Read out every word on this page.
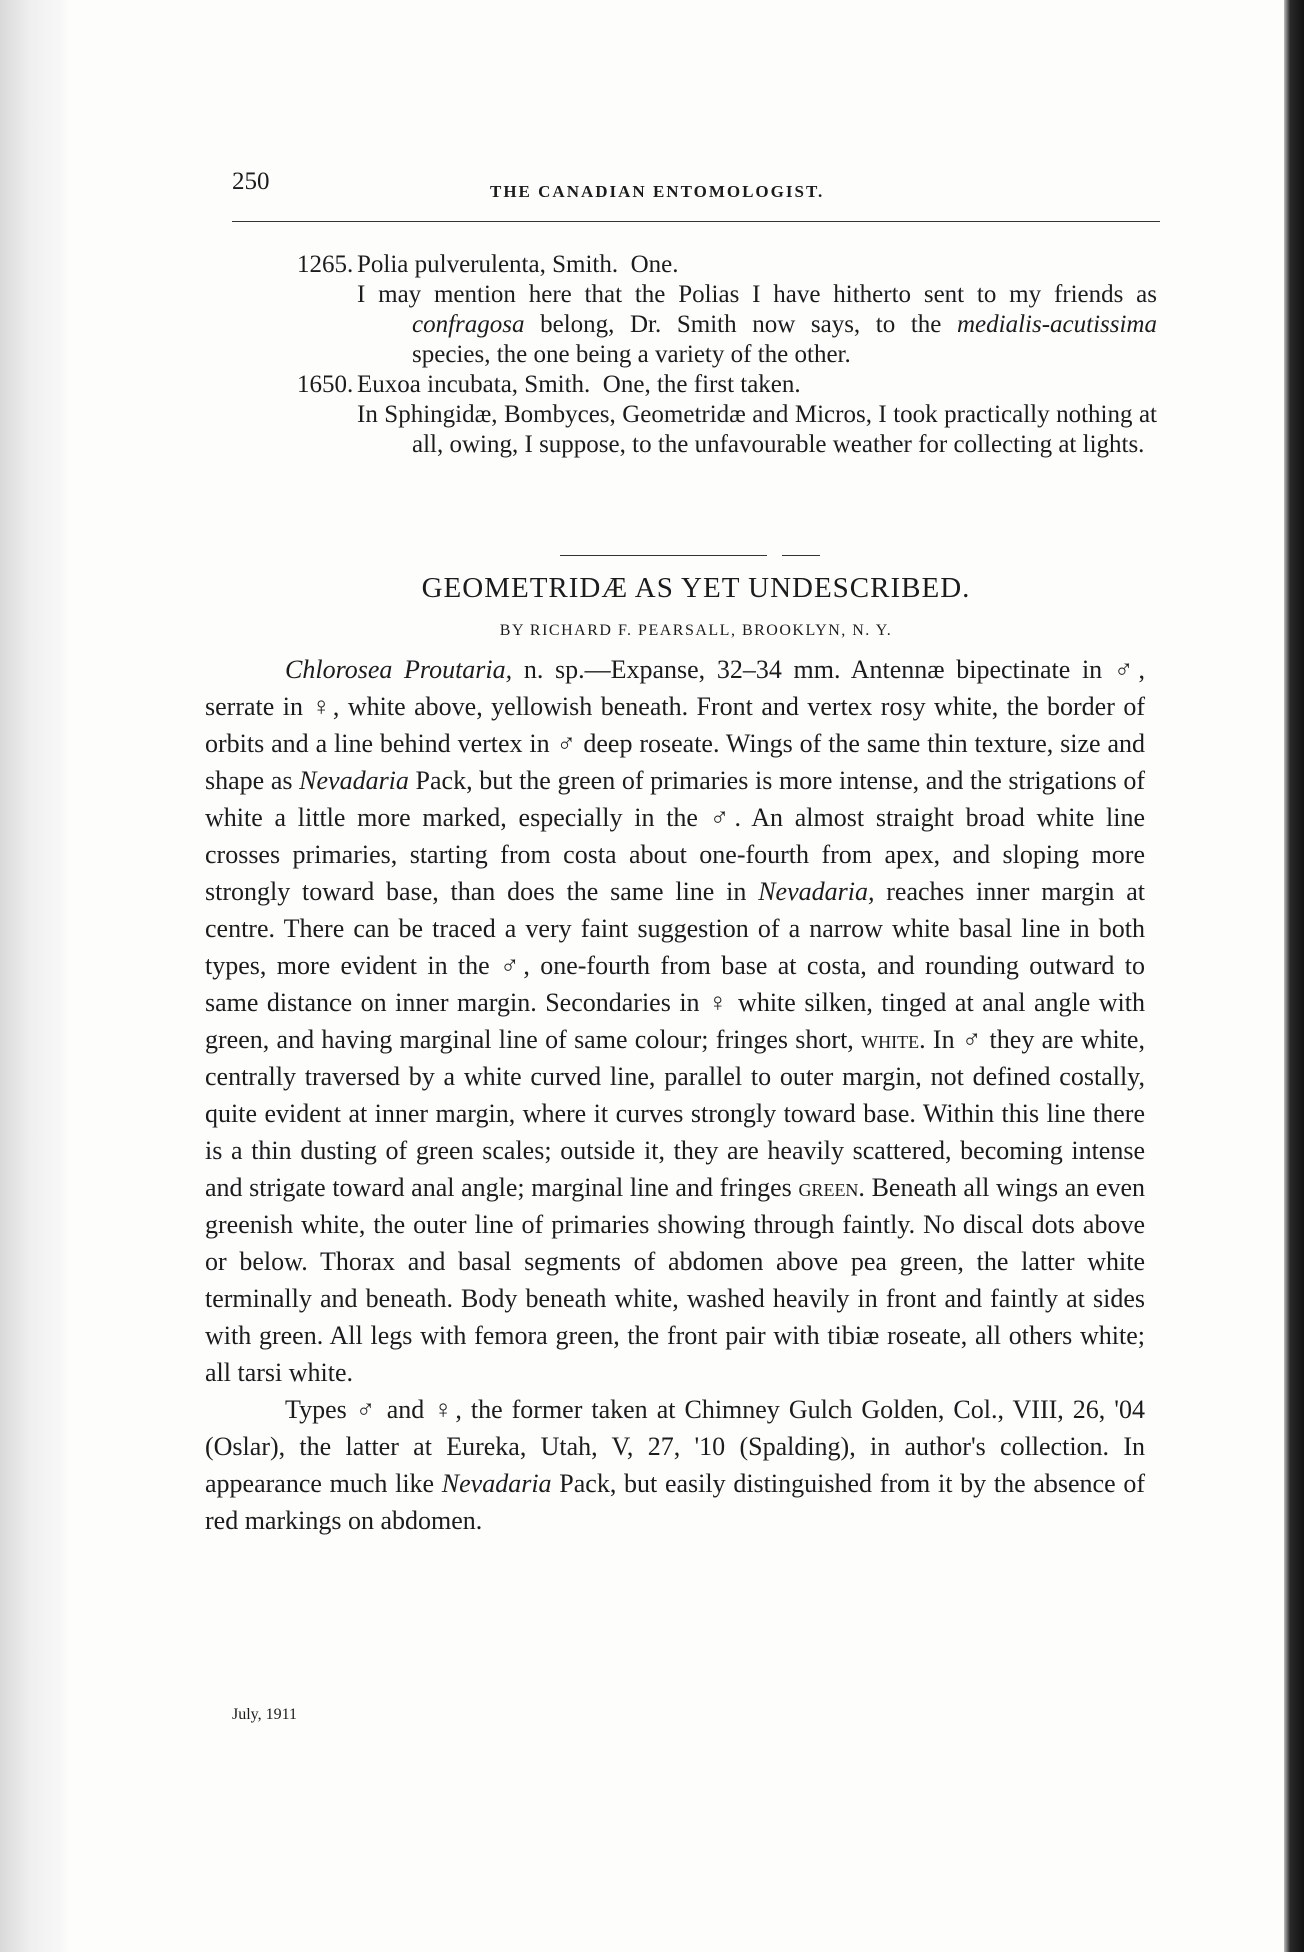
250	THE CANADIAN ENTOMOLOGIST.
1265. Polia pulverulenta, Smith. One.

I may mention here that the Polias I have hitherto sent to my friends as confragosa belong, Dr. Smith now says, to the medialis-acutissima species, the one being a variety of the other.

1650. Euxoa incubata, Smith. One, the first taken.

In Sphingidæ, Bombyces, Geometridæ and Micros, I took practically nothing at all, owing, I suppose, to the unfavourable weather for collecting at lights.

GEOMETRIDÆ AS YET UNDESCRIBED.
BY RICHARD F. PEARSALL, BROOKLYN, N. Y.

Chlorosea Proutaria, n. sp.—Expanse, 32–34 mm. Antennæ bipectinate in ♂, serrate in ♀, white above, yellowish beneath. Front and vertex rosy white, the border of orbits and a line behind vertex in ♂ deep roseate. Wings of the same thin texture, size and shape as Nevadaria Pack, but the green of primaries is more intense, and the strigations of white a little more marked, especially in the ♂. An almost straight broad white line crosses primaries, starting from costa about one-fourth from apex, and sloping more strongly toward base, than does the same line in Nevadaria, reaches inner margin at centre. There can be traced a very faint suggestion of a narrow white basal line in both types, more evident in the ♂, one-fourth from base at costa, and rounding outward to same distance on inner margin. Secondaries in ♀ white silken, tinged at anal angle with green, and having marginal line of same colour; fringes short, white. In ♂ they are white, centrally traversed by a white curved line, parallel to outer margin, not defined costally, quite evident at inner margin, where it curves strongly toward base. Within this line there is a thin dusting of green scales; outside it, they are heavily scattered, becoming intense and strigate toward anal angle; marginal line and fringes green. Beneath all wings an even greenish white, the outer line of primaries showing through faintly. No discal dots above or below. Thorax and basal segments of abdomen above pea green, the latter white terminally and beneath. Body beneath white, washed heavily in front and faintly at sides with green. All legs with femora green, the front pair with tibiæ roseate, all others white; all tarsi white.

Types ♂ and ♀, the former taken at Chimney Gulch Golden, Col., VIII, 26, '04 (Oslar), the latter at Eureka, Utah, V, 27, '10 (Spalding), in author's collection. In appearance much like Nevadaria Pack, but easily distinguished from it by the absence of red markings on abdomen.

July, 1911
